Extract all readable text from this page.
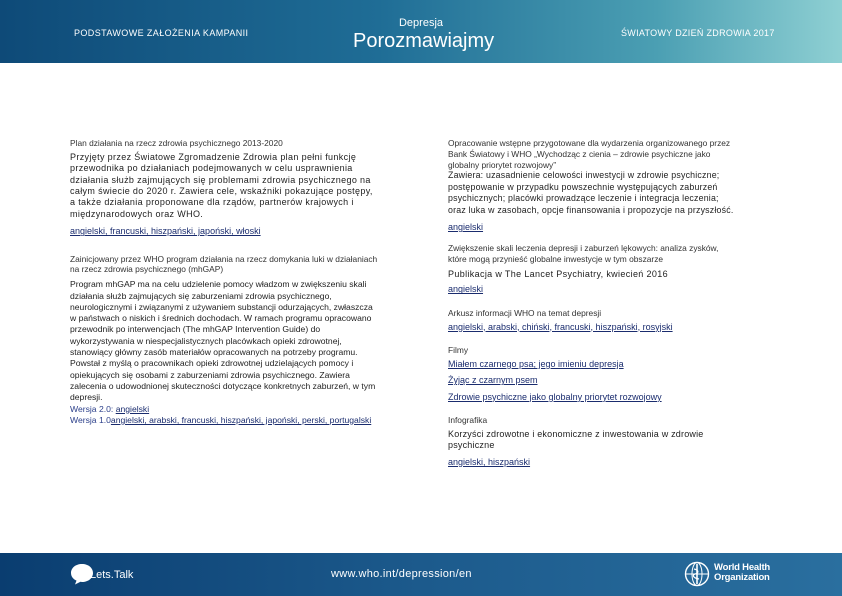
PODSTAWOWE ZAŁOŻENIA KAMPANII
Depresja
Porozmawiajmy	ŚWIATOWY DZIEŃ ZDROWIA 2017
Plan działania na rzecz zdrowia psychicznego 2013-2020
Przyjęty przez Światowe Zgromadzenie Zdrowia plan pełni funkcję przewodnika po działaniach podejmowanych w celu usprawnienia działania służb zajmujących się problemami zdrowia psychicznego na całym świecie do 2020 r. Zawiera cele, wskaźniki pokazujące postępy, a także działania proponowane dla rządów, partnerów krajowych i międzynarodowych oraz WHO.
angielski, francuski, hiszpański, japoński, włoski
Zainicjowany przez WHO program działania na rzecz domykania luki w działaniach na rzecz zdrowia psychicznego (mhGAP)
Program mhGAP ma na celu udzielenie pomocy władzom w zwiększeniu skali działania służb zajmujących się zaburzeniami zdrowia psychicznego, neurologicznymi i związanymi z używaniem substancji odurzających, zwłaszcza w państwach o niskich i średnich dochodach. W ramach programu opracowano przewodnik po interwencjach (The mhGAP Intervention Guide) do wykorzystywania w niespecjalistycznych placówkach opieki zdrowotnej, stanowiący główny zasób materiałów opracowanych na potrzeby programu. Powstał z myślą o pracownikach opieki zdrowotnej udzielających pomocy i opiekujących się osobami z zaburzeniami zdrowia psychicznego. Zawiera zalecenia o udowodnionej skuteczności dotyczące konkretnych zaburzeń, w tym depresji.
Wersja 2.0: angielski
Wersja 1.0angielski, arabski, francuski, hiszpański, japoński, perski, portugalski
Opracowanie wstępne przygotowane dla wydarzenia organizowanego przez Bank Światowy i WHO „Wychodząc z cienia – zdrowie psychiczne jako globalny priorytet rozwojowy”
Zawiera: uzasadnienie celowości inwestycji w zdrowie psychiczne; postępowanie w przypadku powszechnie występujących zaburzeń psychicznych; placówki prowadzące leczenie i integracja leczenia; oraz luka w zasobach, opcje finansowania i propozycje na przyszłość.
angielski
Zwiększenie skali leczenia depresji i zaburzeń lękowych: analiza zysków, które mogą przynieść globalne inwestycje w tym obszarze
Publikacja w The Lancet Psychiatry, kwiecień 2016
angielski
Arkusz informacji WHO na temat depresji
angielski, arabski, chiński, francuski, hiszpański, rosyjski
Filmy
Miałem czarnego psa; jego imieniu depresja
Żyjąc z czarnym psem
Zdrowie psychiczne jako globalny priorytet rozwojowy
Infografika
Korzyści zdrowotne i ekonomiczne z inwestowania w zdrowie psychiczne
angielski, hiszpański
Lets.Talk	www.who.int/depression/en
World Health
Organization
